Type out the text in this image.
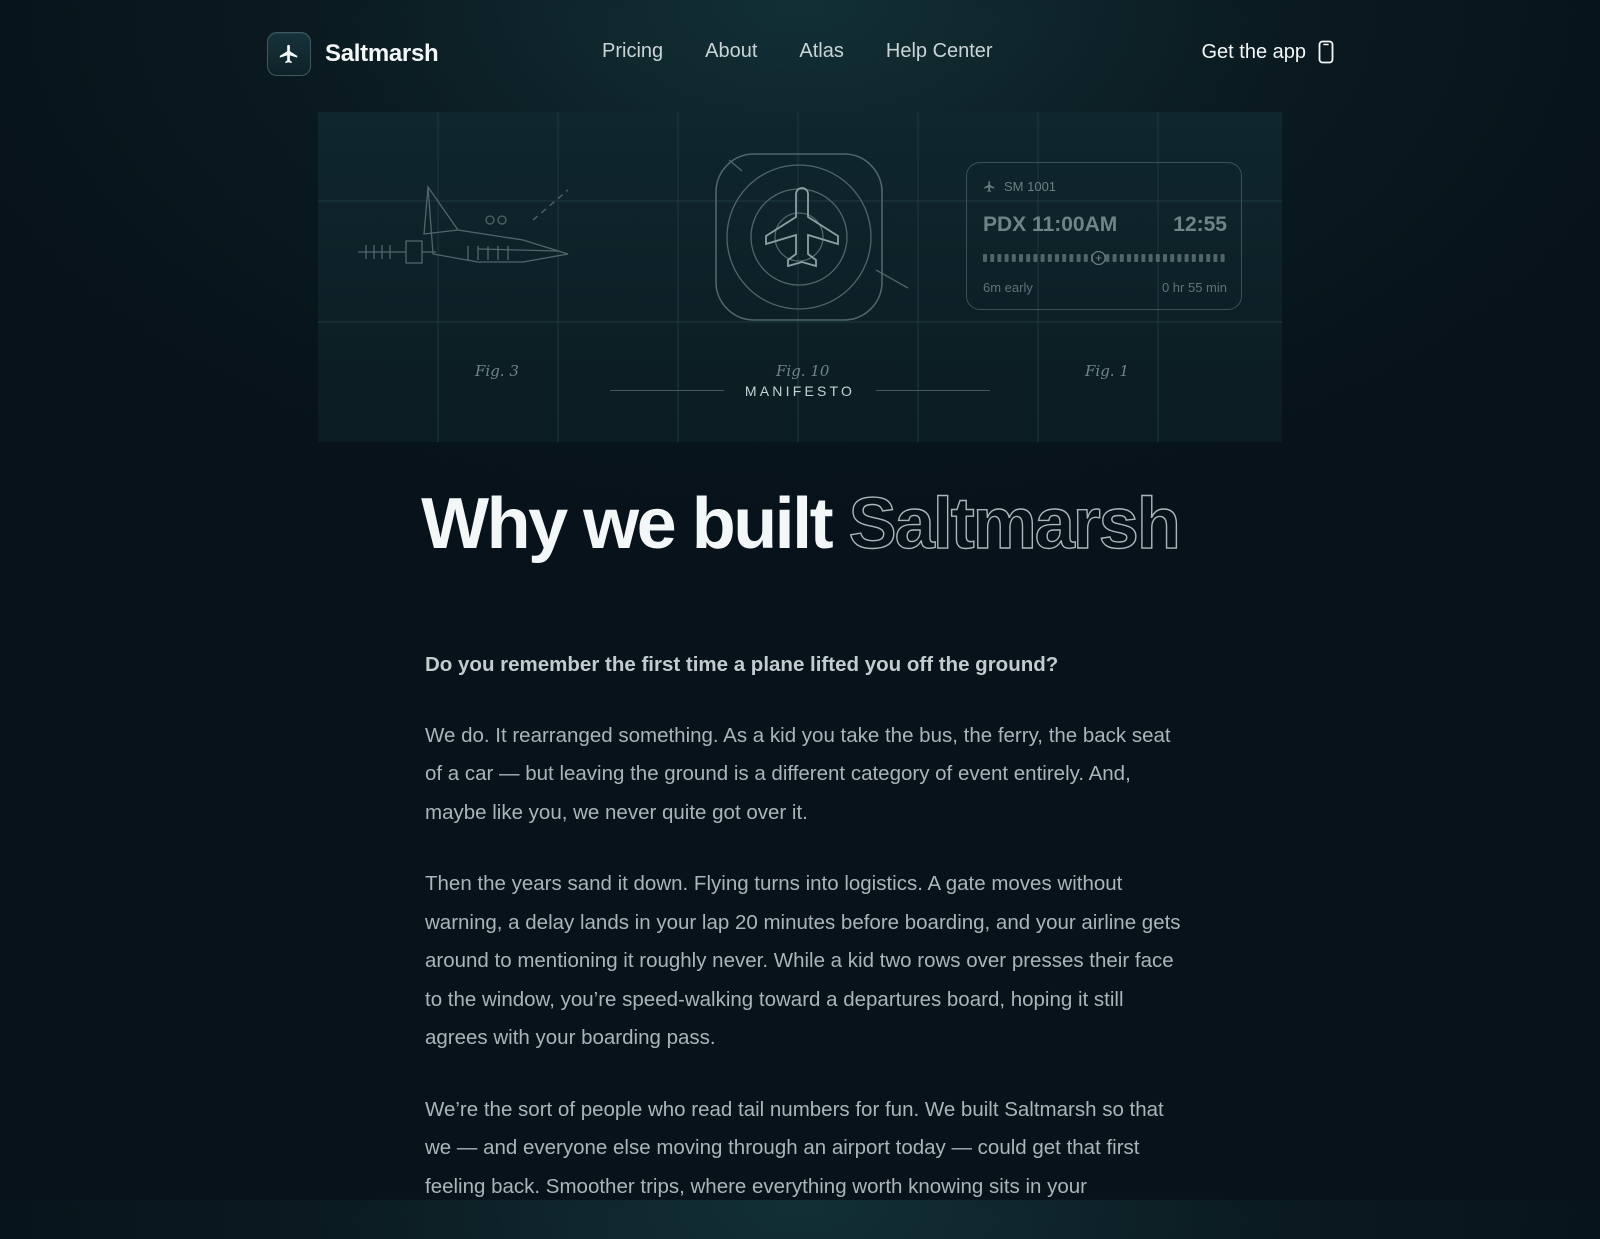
Saltmarsh	Pricing About Atlas Help Center	Get the app
Fig. 3	Fig. 10	Fig. 1
SM 1001
PDX 11:00AM	12:55
6m early	0 hr 55 min
MANIFESTO
Why we built Saltmarsh

Do you remember the first time a plane lifted you off the ground?

We do. It rearranged something. As a kid you take the bus, the ferry, the back seat of a car — but leaving the ground is a different category of event entirely. And, maybe like you, we never quite got over it.

Then the years sand it down. Flying turns into logistics. A gate moves without warning, a delay lands in your lap 20 minutes before boarding, and your airline gets around to mentioning it roughly never. While a kid two rows over presses their face to the window, you’re speed-walking toward a departures board, hoping it still agrees with your boarding pass.

We’re the sort of people who read tail numbers for fun. We built Saltmarsh so that we — and everyone else moving through an airport today — could get that first feeling back. Smoother trips, where everything worth knowing sits in your
